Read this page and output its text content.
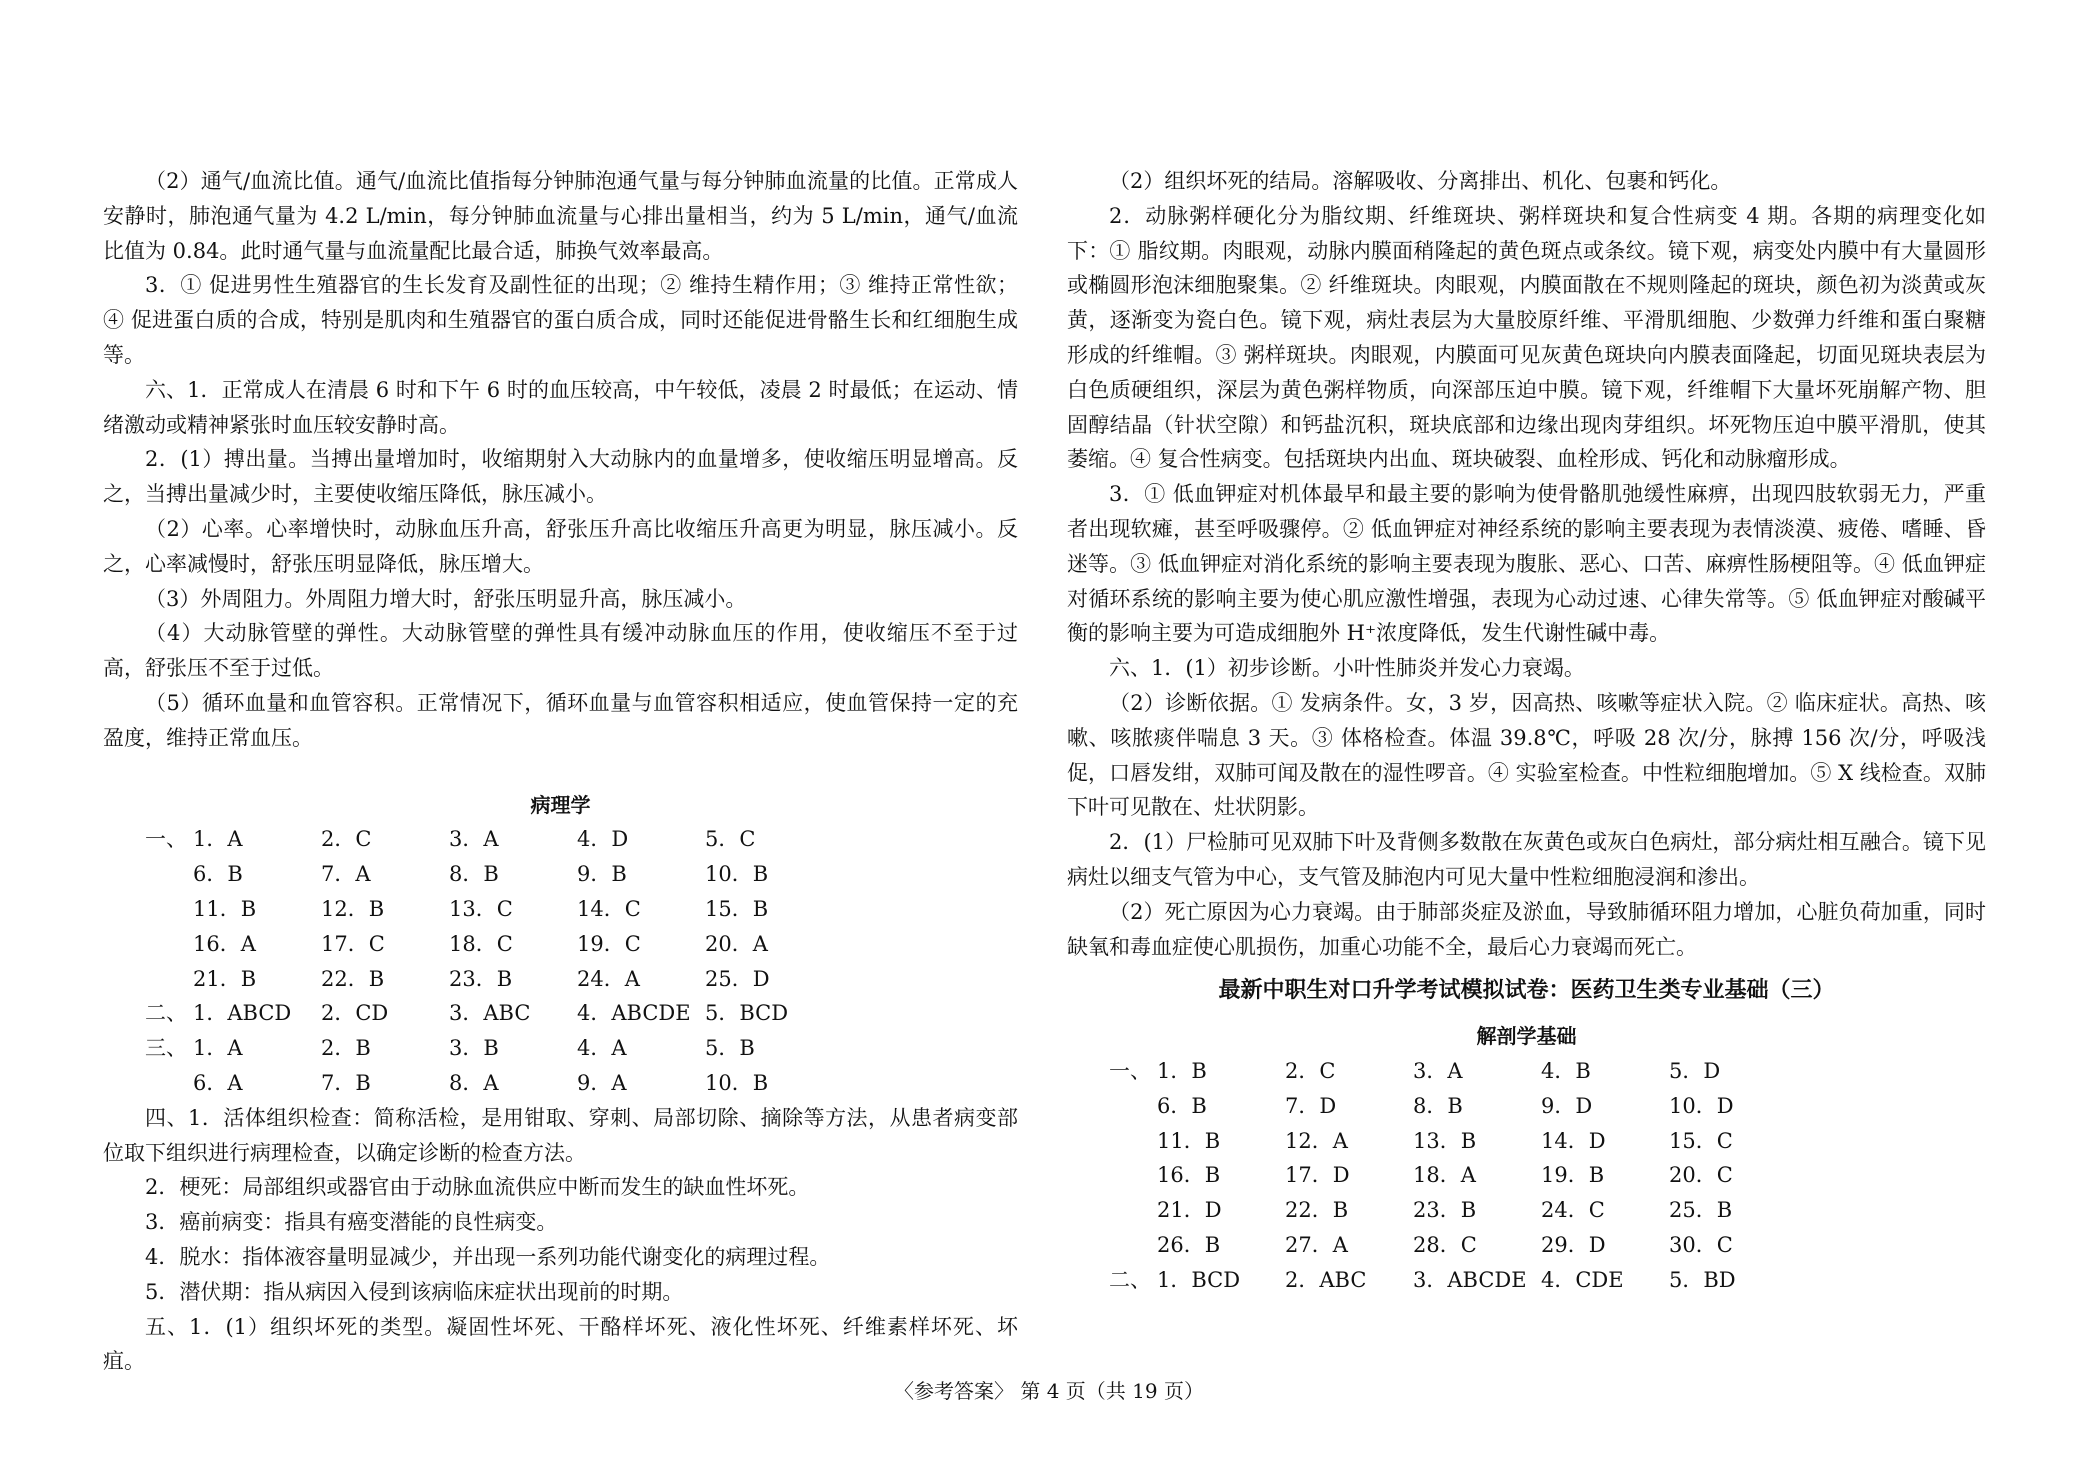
（2）通气/血流比值。通气/血流比值指每分钟肺泡通气量与每分钟肺血流量的比值。正常成人安静时，肺泡通气量为 4.2 L/min，每分钟肺血流量与心排出量相当，约为 5 L/min，通气/血流比值为 0.84。此时通气量与血流量配比最合适，肺换气效率最高。

3．① 促进男性生殖器官的生长发育及副性征的出现；② 维持生精作用；③ 维持正常性欲；④ 促进蛋白质的合成，特别是肌肉和生殖器官的蛋白质合成，同时还能促进骨骼生长和红细胞生成等。

六、1．正常成人在清晨 6 时和下午 6 时的血压较高，中午较低，凌晨 2 时最低；在运动、情绪激动或精神紧张时血压较安静时高。

2．(1）搏出量。当搏出量增加时，收缩期射入大动脉内的血量增多，使收缩压明显增高。反之，当搏出量减少时，主要使收缩压降低，脉压减小。

（2）心率。心率增快时，动脉血压升高，舒张压升高比收缩压升高更为明显，脉压减小。反之，心率减慢时，舒张压明显降低，脉压增大。

（3）外周阻力。外周阻力增大时，舒张压明显升高，脉压减小。

（4）大动脉管壁的弹性。大动脉管壁的弹性具有缓冲动脉血压的作用，使收缩压不至于过高，舒张压不至于过低。

（5）循环血量和血管容积。正常情况下，循环血量与血管容积相适应，使血管保持一定的充盈度，维持正常血压。

病理学

一、 1．A	2．C	3．A	4．D	5．C
6．B	7．A	8．B	9．B	10．B
11．B	12．B	13．C	14．C	15．B
16．A	17．C	18．C	19．C	20．A
21．B	22．B	23．B	24．A	25．D
二、 1．ABCD	2．CD	3．ABC	4．ABCDE 5．BCD
三、 1．A	2．B	3．B	4．A	5．B
6．A	7．B	8．A	9．A	10．B

四、1．活体组织检查：简称活检，是用钳取、穿刺、局部切除、摘除等方法，从患者病变部位取下组织进行病理检查，以确定诊断的检查方法。

2．梗死：局部组织或器官由于动脉血流供应中断而发生的缺血性坏死。

3．癌前病变：指具有癌变潜能的良性病变。

4．脱水：指体液容量明显减少，并出现一系列功能代谢变化的病理过程。

5．潜伏期：指从病因入侵到该病临床症状出现前的时期。

五、1．(1）组织坏死的类型。凝固性坏死、干酪样坏死、液化性坏死、纤维素样坏死、坏疽。

（2）组织坏死的结局。溶解吸收、分离排出、机化、包裹和钙化。

2．动脉粥样硬化分为脂纹期、纤维斑块、粥样斑块和复合性病变 4 期。各期的病理变化如下：① 脂纹期。肉眼观，动脉内膜面稍隆起的黄色斑点或条纹。镜下观，病变处内膜中有大量圆形或椭圆形泡沫细胞聚集。② 纤维斑块。肉眼观，内膜面散在不规则隆起的斑块，颜色初为淡黄或灰黄，逐渐变为瓷白色。镜下观，病灶表层为大量胶原纤维、平滑肌细胞、少数弹力纤维和蛋白聚糖形成的纤维帽。③ 粥样斑块。肉眼观，内膜面可见灰黄色斑块向内膜表面隆起，切面见斑块表层为白色质硬组织，深层为黄色粥样物质，向深部压迫中膜。镜下观，纤维帽下大量坏死崩解产物、胆固醇结晶（针状空隙）和钙盐沉积，斑块底部和边缘出现肉芽组织。坏死物压迫中膜平滑肌，使其萎缩。④ 复合性病变。包括斑块内出血、斑块破裂、血栓形成、钙化和动脉瘤形成。

3．① 低血钾症对机体最早和最主要的影响为使骨骼肌弛缓性麻痹，出现四肢软弱无力，严重者出现软瘫，甚至呼吸骤停。② 低血钾症对神经系统的影响主要表现为表情淡漠、疲倦、嗜睡、昏迷等。③ 低血钾症对消化系统的影响主要表现为腹胀、恶心、口苦、麻痹性肠梗阻等。④ 低血钾症对循环系统的影响主要为使心肌应激性增强，表现为心动过速、心律失常等。⑤ 低血钾症对酸碱平衡的影响主要为可造成细胞外 H⁺浓度降低，发生代谢性碱中毒。

六、1．(1）初步诊断。小叶性肺炎并发心力衰竭。

（2）诊断依据。① 发病条件。女，3 岁，因高热、咳嗽等症状入院。② 临床症状。高热、咳嗽、咳脓痰伴喘息 3 天。③ 体格检查。体温 39.8℃，呼吸 28 次/分，脉搏 156 次/分，呼吸浅促，口唇发绀，双肺可闻及散在的湿性啰音。④ 实验室检查。中性粒细胞增加。⑤ X 线检查。双肺下叶可见散在、灶状阴影。

2．(1）尸检肺可见双肺下叶及背侧多数散在灰黄色或灰白色病灶，部分病灶相互融合。镜下见病灶以细支气管为中心，支气管及肺泡内可见大量中性粒细胞浸润和渗出。

（2）死亡原因为心力衰竭。由于肺部炎症及淤血，导致肺循环阻力增加，心脏负荷加重，同时缺氧和毒血症使心肌损伤，加重心功能不全，最后心力衰竭而死亡。

最新中职生对口升学考试模拟试卷：医药卫生类专业基础（三）

解剖学基础

一、 1．B	2．C	3．A	4．B	5．D
6．B	7．D	8．B	9．D	10．D
11．B	12．A	13．B	14．D	15．C
16．B	17．D	18．A	19．B	20．C
21．D	22．B	23．B	24．C	25．B
26．B	27．A	28．C	29．D	30．C
二、 1．BCD	2．ABC	3．ABCDE 4．CDE	5．BD
〈参考答案〉 第 4 页（共 19 页）
